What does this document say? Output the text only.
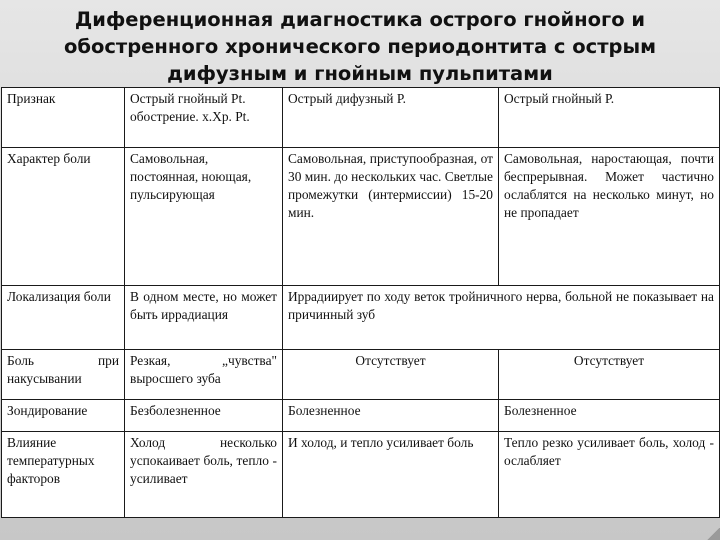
Диференционная диагностика острого гнойного и
обостренного хронического периодонтита с острым
дифузным и гнойным пульпитами
Признак	Острый гнойный Pt. обострение. х.Хр. Pt.	Острый дифузный Р.	Острый гнойный Р.
Характер боли	Самовольная, постоянная, ноющая, пульсирующая	Самовольная, приступообразная, от 30 мин. до нескольких час. Светлые промежутки (интермиссии) 15-20 мин.	Самовольная, наростающая, почти беспрерывная. Может частично ослаблятся на несколько минут, но не пропадает
Локализация боли	В одном месте, но может быть иррадиация	Иррадиирует по ходу веток тройничного нерва, больной не показывает на причинный зуб	
Боль при накусывании	Резкая, „чувства" выросшего зуба	Отсутствует	Отсутствует
Зондирование	Безболезненное	Болезненное	Болезненное
Влияние температурных факторов	Холод несколько успокаивает боль, тепло - усиливает	И холод, и тепло усиливает боль	Тепло резко усиливает боль, холод - ослабляет
